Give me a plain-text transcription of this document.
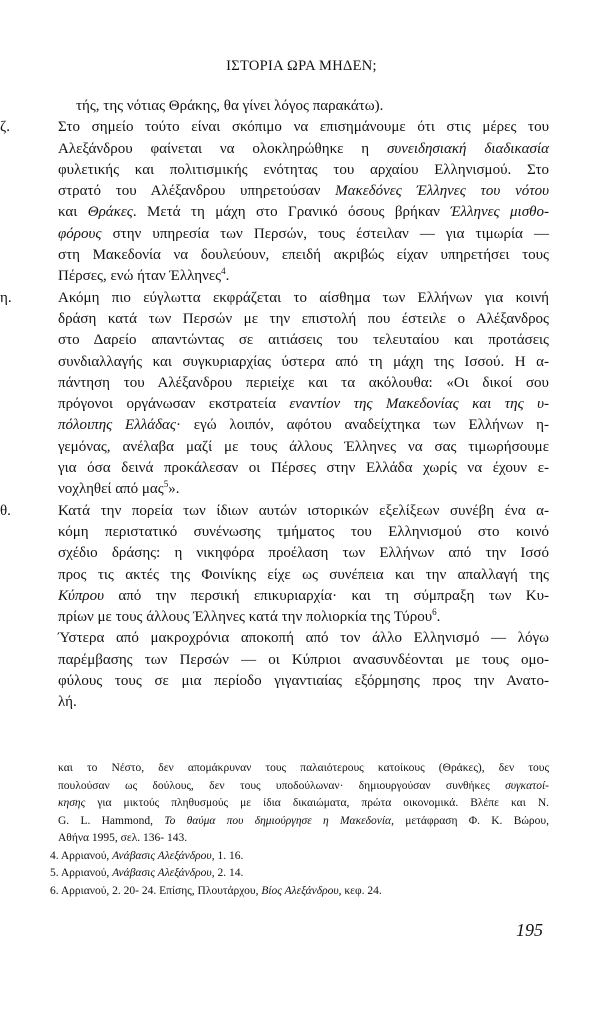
ΙΣΤΟΡΙΑ ΩΡΑ ΜΗΔΕΝ;
τής, της νότιας Θράκης, θα γίνει λόγος παρακάτω).
ζ.	Στο σημείο τούτο είναι σκόπιμο να επισημάνουμε ότι στις μέρες του
Αλεξάνδρου φαίνεται να ολοκληρώθηκε η συνειδησιακή διαδικασία
φυλετικής και πολιτισμικής ενότητας του αρχαίου Ελληνισμού. Στο
στρατό του Αλέξανδρου υπηρετούσαν Μακεδόνες Έλληνες του νότου
και Θράκες. Μετά τη μάχη στο Γρανικό όσους βρήκαν Έλληνες μισθο-
φόρους στην υπηρεσία των Περσών, τους έστειλαν — για τιμωρία —
στη Μακεδονία να δουλεύουν, επειδή ακριβώς είχαν υπηρετήσει τους
Πέρσες, ενώ ήταν Έλληνες$^4$.
η.	Ακόμη πιο εύγλωττα εκφράζεται το αίσθημα των Ελλήνων για κοινή
δράση κατά των Περσών με την επιστολή που έστειλε ο Αλέξανδρος
στο Δαρείο απαντώντας σε αιτιάσεις του τελευταίου και προτάσεις
συνδιαλλαγής και συγκυριαρχίας ύστερα από τη μάχη της Ισσού. Η α-
πάντηση του Αλέξανδρου περιείχε και τα ακόλουθα: «Οι δικοί σου
πρόγονοι οργάνωσαν εκστρατεία εναντίον της Μακεδονίας και της υ-
πόλοιπης Ελλάδας· εγώ λοιπόν, αφότου αναδείχτηκα των Ελλήνων η-
γεμόνας, ανέλαβα μαζί με τους άλλους Έλληνες να σας τιμωρήσουμε
για όσα δεινά προκάλεσαν οι Πέρσες στην Ελλάδα χωρίς να έχουν ε-
νοχληθεί από μας$^5$».
θ.	Κατά την πορεία των ίδιων αυτών ιστορικών εξελίξεων συνέβη ένα α-
κόμη περιστατικό συνένωσης τμήματος του Ελληνισμού στο κοινό
σχέδιο δράσης: η νικηφόρα προέλαση των Ελλήνων από την Ισσό
προς τις ακτές της Φοινίκης είχε ως συνέπεια και την απαλλαγή της
Κύπρου από την περσική επικυριαρχία· και τη σύμπραξη των Κυ-
πρίων με τους άλλους Έλληνες κατά την πολιορκία της Τύρου$^6$.
Ύστερα από μακροχρόνια αποκοπή από τον άλλο Ελληνισμό — λόγω
παρέμβασης των Περσών — οι Κύπριοι ανασυνδέονται με τους ομο-
φύλους τους σε μια περίοδο γιγαντιαίας εξόρμησης προς την Ανατο-
λή.
και το Νέστο, δεν απομάκρυναν τους παλαιότερους κατοίκους (Θράκες), δεν τους
πουλούσαν ως δούλους, δεν τους υποδούλωναν· δημιουργούσαν συνθήκες συγκατοί-
κησης για μικτούς πληθυσμούς με ίδια δικαιώματα, πρώτα οικονομικά. Βλέπε και N.
G. L. Hammond, Το θαύμα που δημιούργησε η Μακεδονία, μετάφραση Φ. Κ. Βώρου,
Αθήνα 1995, σελ. 136- 143.
4. Αρριανού, Ανάβασις Αλεξάνδρου, 1. 16.
5. Αρριανού, Ανάβασις Αλεξάνδρου, 2. 14.
6. Αρριανού, 2. 20- 24. Επίσης, Πλουτάρχου, Βίος Αλεξάνδρου, κεφ. 24.
195
